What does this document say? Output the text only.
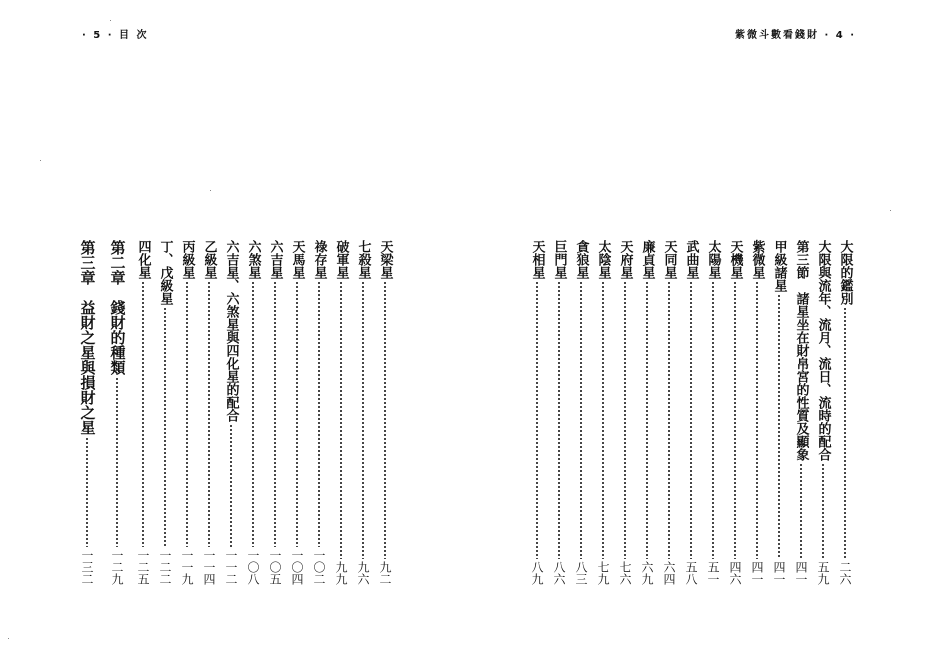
· 5 · 目 次	紫微斗數看錢財 · 4 ·
天梁星
九二
七殺星
九六
破軍星
九九
祿存星
一〇二
天馬星
一〇四
六吉星
一〇五
六煞星
一〇八
六吉星、六煞星與四化星的配合
一一二
乙級星
一一四
丙級星
一一九
丁、戊級星
一二二
四化星
一二五
第二章　錢財的種類
一二九
第三章　益財之星與損財之星
一三二
大限的鑑別
二六
大限與流年、流月、流日、流時的配合
五九
第三節　諸星坐在財帛宮的性質及顯象
四一
甲級諸星
四一
紫微星
四一
天機星
四六
太陽星
五一
武曲星
五八
天同星
六四
廉貞星
六九
天府星
七六
太陰星
七九
貪狼星
八三
巨門星
八六
天相星
八九
